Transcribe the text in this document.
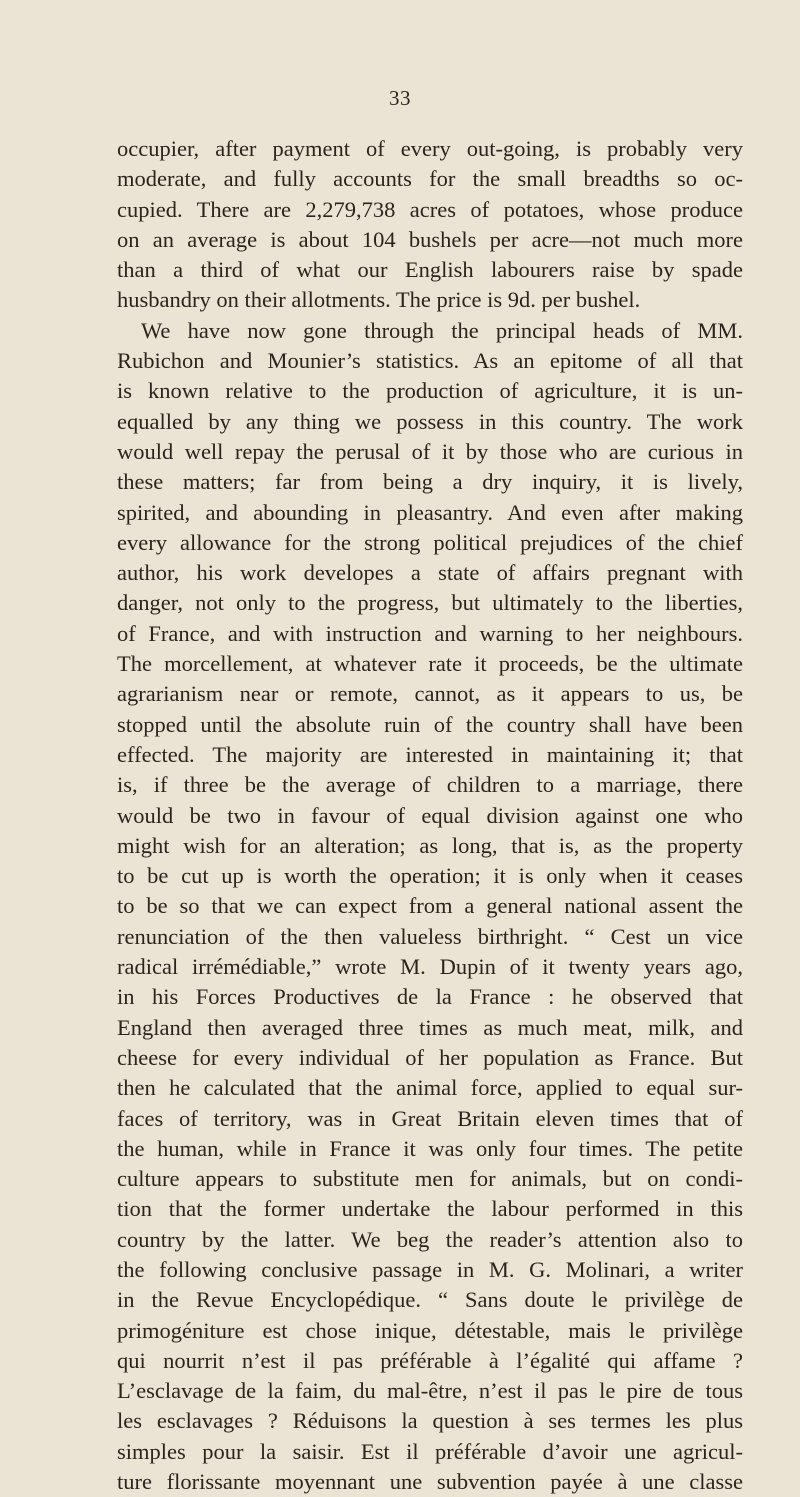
33
occupier, after payment of every out-going, is probably very
moderate, and fully accounts for the small breadths so oc-
cupied. There are 2,279,738 acres of potatoes, whose produce
on an average is about 104 bushels per acre—not much more
than a third of what our English labourers raise by spade
husbandry on their allotments. The price is 9d. per bushel.
We have now gone through the principal heads of MM.
Rubichon and Mounier’s statistics. As an epitome of all that
is known relative to the production of agriculture, it is un-
equalled by any thing we possess in this country. The work
would well repay the perusal of it by those who are curious in
these matters; far from being a dry inquiry, it is lively,
spirited, and abounding in pleasantry. And even after making
every allowance for the strong political prejudices of the chief
author, his work developes a state of affairs pregnant with
danger, not only to the progress, but ultimately to the liberties,
of France, and with instruction and warning to her neighbours.
The morcellement, at whatever rate it proceeds, be the ultimate
agrarianism near or remote, cannot, as it appears to us, be
stopped until the absolute ruin of the country shall have been
effected. The majority are interested in maintaining it; that
is, if three be the average of children to a marriage, there
would be two in favour of equal division against one who
might wish for an alteration; as long, that is, as the property
to be cut up is worth the operation; it is only when it ceases
to be so that we can expect from a general national assent the
renunciation of the then valueless birthright. “ Cest un vice
radical irrémédiable,” wrote M. Dupin of it twenty years ago,
in his Forces Productives de la France : he observed that
England then averaged three times as much meat, milk, and
cheese for every individual of her population as France. But
then he calculated that the animal force, applied to equal sur-
faces of territory, was in Great Britain eleven times that of
the human, while in France it was only four times. The petite
culture appears to substitute men for animals, but on condi-
tion that the former undertake the labour performed in this
country by the latter. We beg the reader’s attention also to
the following conclusive passage in M. G. Molinari, a writer
in the Revue Encyclopédique. “ Sans doute le privilège de
primogéniture est chose inique, détestable, mais le privilège
qui nourrit n’est il pas préférable à l’égalité qui affame ?
L’esclavage de la faim, du mal-être, n’est il pas le pire de tous
les esclavages ? Réduisons la question à ses termes les plus
simples pour la saisir. Est il préférable d’avoir une agricul-
ture florissante moyennant une subvention payée à une classe
